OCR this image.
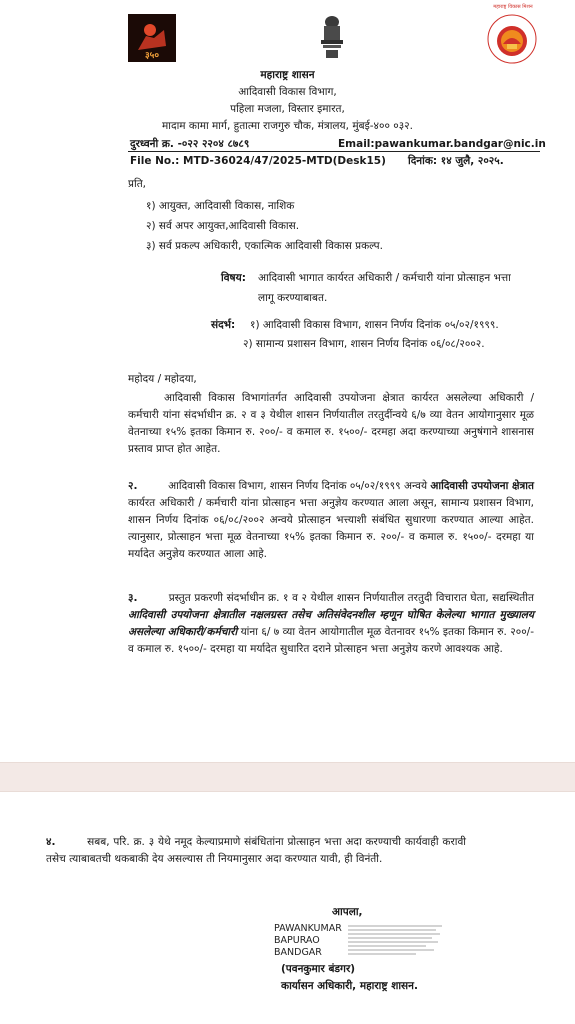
३५०
महाराष्ट्र विकास मिशन
महाराष्ट्र शासन
आदिवासी विकास विभाग,
पहिला मजला, विस्तार इमारत,
मादाम कामा मार्ग, हुतात्मा राजगुरु चौक, मंत्रालय, मुंबई-४०० ०३२.
दुरध्वनी क्र. -०२२ २२०४ ८७८९	Email:pawankumar.bandgar@nic.in
File No.: MTD-36024/47/2025-MTD(Desk15) दिनांक: १४ जुलै, २०२५.
प्रति,
१) आयुक्त, आदिवासी विकास, नाशिक
२) सर्व अपर आयुक्त,आदिवासी विकास.
३) सर्व प्रकल्प अधिकारी, एकात्मिक आदिवासी विकास प्रकल्प.
विषय: आदिवासी भागात कार्यरत अधिकारी / कर्मचारी यांना प्रोत्साहन भत्ता
लागू करण्याबाबत.
संदर्भ: १) आदिवासी विकास विभाग, शासन निर्णय दिनांक ०५/०२/१९९९.
२) सामान्य प्रशासन विभाग, शासन निर्णय दिनांक ०६/०८/२००२.
महोदय / महोदया,
आदिवासी विकास विभागांतर्गत आदिवासी उपयोजना क्षेत्रात कार्यरत असलेल्या अधिकारी / कर्मचारी यांना संदर्भाधीन क्र. २ व ३ येथील शासन निर्णयातील तरतुदींन्वये ६/७ व्या वेतन आयोगानुसार मूळ वेतनाच्या १५% इतका किमान रु. २००/- व कमाल रु. १५००/- दरमहा अदा करण्याच्या अनुषंगाने शासनास प्रस्ताव प्राप्त होत आहेत.
२.	आदिवासी विकास विभाग, शासन निर्णय दिनांक ०५/०२/१९९९ अन्वये आदिवासी उपयोजना क्षेत्रात कार्यरत अधिकारी / कर्मचारी यांना प्रोत्साहन भत्ता अनुज्ञेय करण्यात आला असून, सामान्य प्रशासन विभाग, शासन निर्णय दिनांक ०६/०८/२००२ अन्वये प्रोत्साहन भत्त्याशी संबंधित सुधारणा करण्यात आल्या आहेत. त्यानुसार, प्रोत्साहन भत्ता मूळ वेतनाच्या १५% इतका किमान रु. २००/- व कमाल रु. १५००/- दरमहा या मर्यादेत अनुज्ञेय करण्यात आला आहे.
३.	प्रस्तुत प्रकरणी संदर्भाधीन क्र. १ व २ येथील शासन निर्णयातील तरतुदी विचारात घेता, सद्यस्थितीत आदिवासी उपयोजना क्षेत्रातील नक्षलग्रस्त तसेच अतिसंवेदनशील म्हणून घोषित केलेल्या भागात मुख्यालय असलेल्या अधिकारी/कर्मचारी यांना ६/ ७ व्या वेतन आयोगातील मूळ वेतनावर १५% इतका किमान रु. २००/- व कमाल रु. १५००/- दरमहा या मर्यादेत सुधारित दराने प्रोत्साहन भत्ता अनुज्ञेय करणे आवश्यक आहे.
४.	सबब, परि. क्र. ३ येथे नमूद केल्याप्रमाणे संबंधितांना प्रोत्साहन भत्ता अदा करण्याची कार्यवाही करावी तसेच त्याबाबतची थकबाकी देय असल्यास ती नियमानुसार अदा करण्यात यावी, ही विनंती.
आपला,
PAWANKUMAR
BAPURAO
BANDGAR
(पवनकुमार बंडगर)
कार्यासन अधिकारी, महाराष्ट्र शासन.
